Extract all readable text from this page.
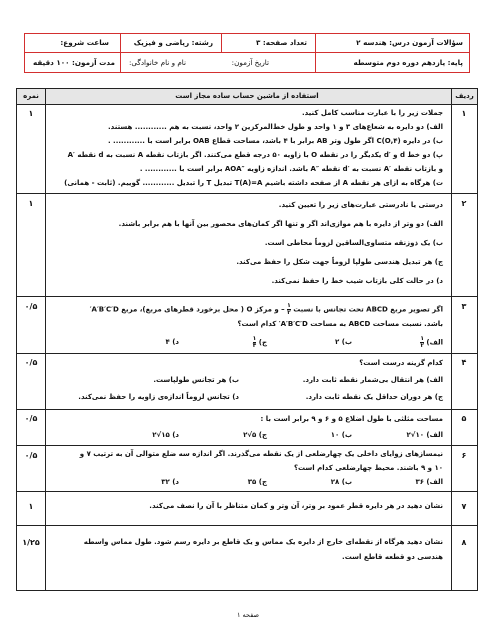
سؤالات آزمون درس: هندسه ۲
تعداد صفحه: ۳
رشته: ریاضی و فیزیک
ساعت شروع:
پایه: یازدهم دوره دوم متوسطه
تاریخ آزمون:
نام و نام خانوادگی:
مدت آزمون: ۱۰۰ دقیقه
ردیف
استفاده از ماشین حساب ساده مجاز است
نمره
۱
۱	جملات زیر را با عبارت مناسب کامل کنید.
الف) دو دایره به شعاع‌های ۳ و ۱ واحد و طول خط‌المرکزین ۲ واحد، نسبت به هم ............ هستند.
ب) در دایره C(O,۴) اگر طول وتر AB برابر با ۴ باشد، مساحت قطاع OAB برابر است با ............ .
پ) دو خط d و ′d یکدیگر را در نقطه O با زاویه ۵۰ درجه قطع می‌کنند. اگر بازتاب نقطه A نسبت به d نقطه ′A
و بازتاب نقطه ′A نسبت به ′d نقطه ″A باشد. اندازه زاویه ″AOA برابر است با ............ .
ت) هرگاه به ازای هر نقطه A از صفحه داشته باشیم T(A)=A تبدیل T را تبدیل ............ گوییم. (ثابت - همانی)
۲
۱	درستی یا نادرستی عبارت‌های زیر را تعیین کنید.
الف) دو وتر از دایره با هم موازی‌اند اگر و تنها اگر کمان‌های محصور بین آنها با هم برابر باشند.
ب) یک ذوزنقه متساوی‌الساقین لزوماً محاطی است.
ج) هر تبدیل هندسی طولپا لزوماً جهت شکل را حفظ می‌کند.
د) در حالت کلی بازتاب شیب خط را حفظ نمی‌کند.
۳
۰/۵	اگر تصویر مربع ABCD تحت تجانس با نسبت
$\frac{۱}{۲}$
– و مرکز O ( محل برخورد قطرهای مربع)، مربع A′B′C′D′
باشد. نسبت مساحت ABCD به مساحت A′B′C′D′ کدام است؟
الف)
$\frac{۱}{۲}$
ب) ۲
ج)
$\frac{۱}{۴}$
د) ۴
۴
۰/۵	کدام گزینه درست است؟
الف) هر انتقال بی‌شمار نقطه ثابت دارد.
ب) هر تجانس طولپاست.
ج) هر دوران حداقل یک نقطه ثابت دارد.
د) تجانس لزوماً اندازه‌ی زاویه را حفظ نمی‌کند.
۵
۰/۵	مساحت مثلثی با طول اضلاع ۵ و ۶ و ۹ برابر است با :
الف) ۱۰√۲
ب) ۱۰
ج) ۵√۲
د) ۱۵√۲
۶
۰/۵	نیمسازهای زوایای داخلی یک چهارضلعی از یک نقطه می‌گذرند. اگر اندازه سه ضلع متوالی آن به ترتیب ۷ و
۱۰ و ۹ باشند. محیط چهارضلعی کدام است؟
الف) ۳۶
ب) ۲۸
ج) ۳۵
د) ۳۲
۷
۱	نشان دهید در هر دایره قطر عمود بر وتر، آن وتر و کمان متناظر با آن را نصف می‌کند.
۸
۱/۲۵	نشان دهید هرگاه از نقطه‌ای خارج از دایره یک مماس و یک قاطع بر دایره رسم شود. طول مماس واسطه
هندسی دو قطعه قاطع است.
صفحه ۱
